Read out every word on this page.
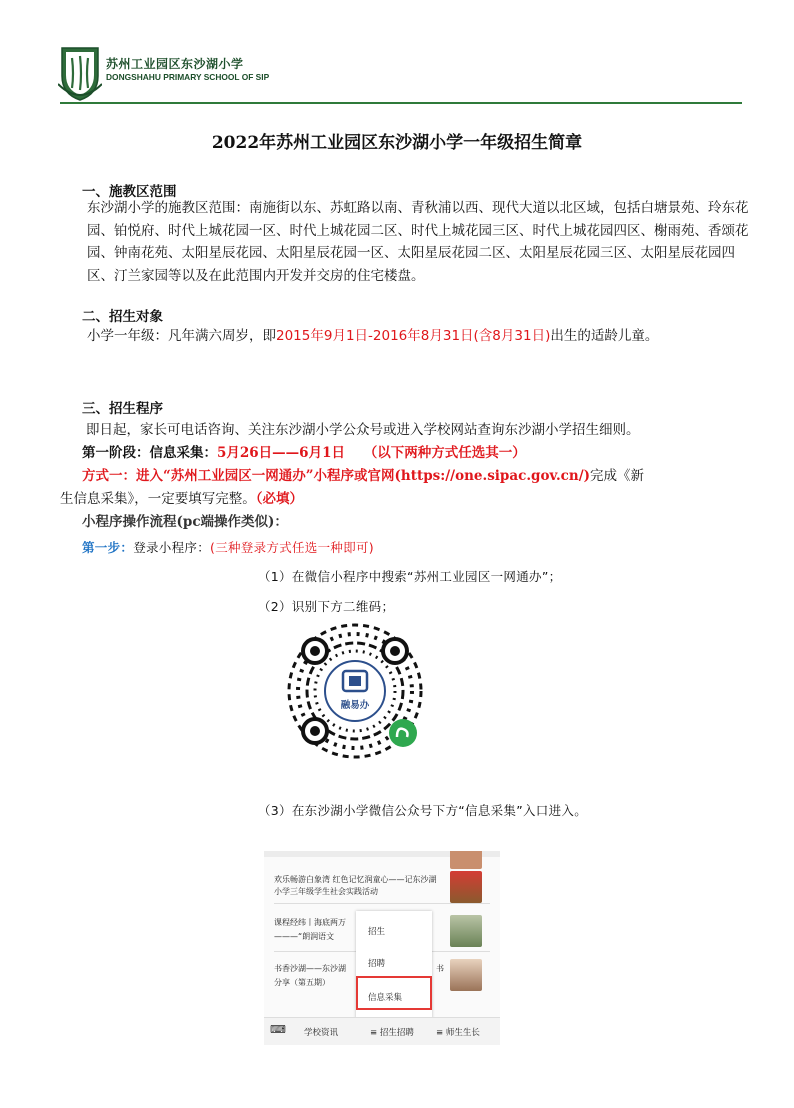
苏州工业园区东沙湖小学
DONGSHAHU PRIMARY SCHOOL OF SIP
2022年苏州工业园区东沙湖小学一年级招生简章
一、施教区范围
东沙湖小学的施教区范围：南施街以东、苏虹路以南、青秋浦以西、现代大道以北区域，包括白塘景苑、玲东花园、铂悦府、时代上城花园一区、时代上城花园二区、时代上城花园三区、时代上城花园四区、榭雨苑、香颂花园、钟南花苑、太阳星辰花园、太阳星辰花园一区、太阳星辰花园二区、太阳星辰花园三区、太阳星辰花园四区、汀兰家园等以及在此范围内开发并交房的住宅楼盘。
二、招生对象
小学一年级：凡年满六周岁，即2015年9月1日-2016年8月31日(含8月31日)出生的适龄儿童。
三、招生程序
即日起，家长可电话咨询、关注东沙湖小学公众号或进入学校网站查询东沙湖小学招生细则。
第一阶段：信息采集：5月26日——6月1日 （以下两种方式任选其一）
方式一：进入“苏州工业园区一网通办”小程序或官网(https://one.sipac.gov.cn/)完成《新
生信息采集》，一定要填写完整。（必填）
小程序操作流程(pc端操作类似)：
第一步：登录小程序：(三种登录方式任选一种即可)
（1）在微信小程序中搜索“苏州工业园区一网通办”；
（2）识别下方二维码；
融易办
（3）在东沙湖小学微信公众号下方“信息采集”入口进入。
欢乐畅游白象湾 红色记忆润童心——记东沙湖小学三年级学生社会实践活动
课程经纬丨海底两万
———“朗润语文
书香沙湖——东沙湖
分享（第五期）
书
招生
招聘
信息采集
⌨ 学校资讯	≡ 招生招聘	≡ 师生生长
